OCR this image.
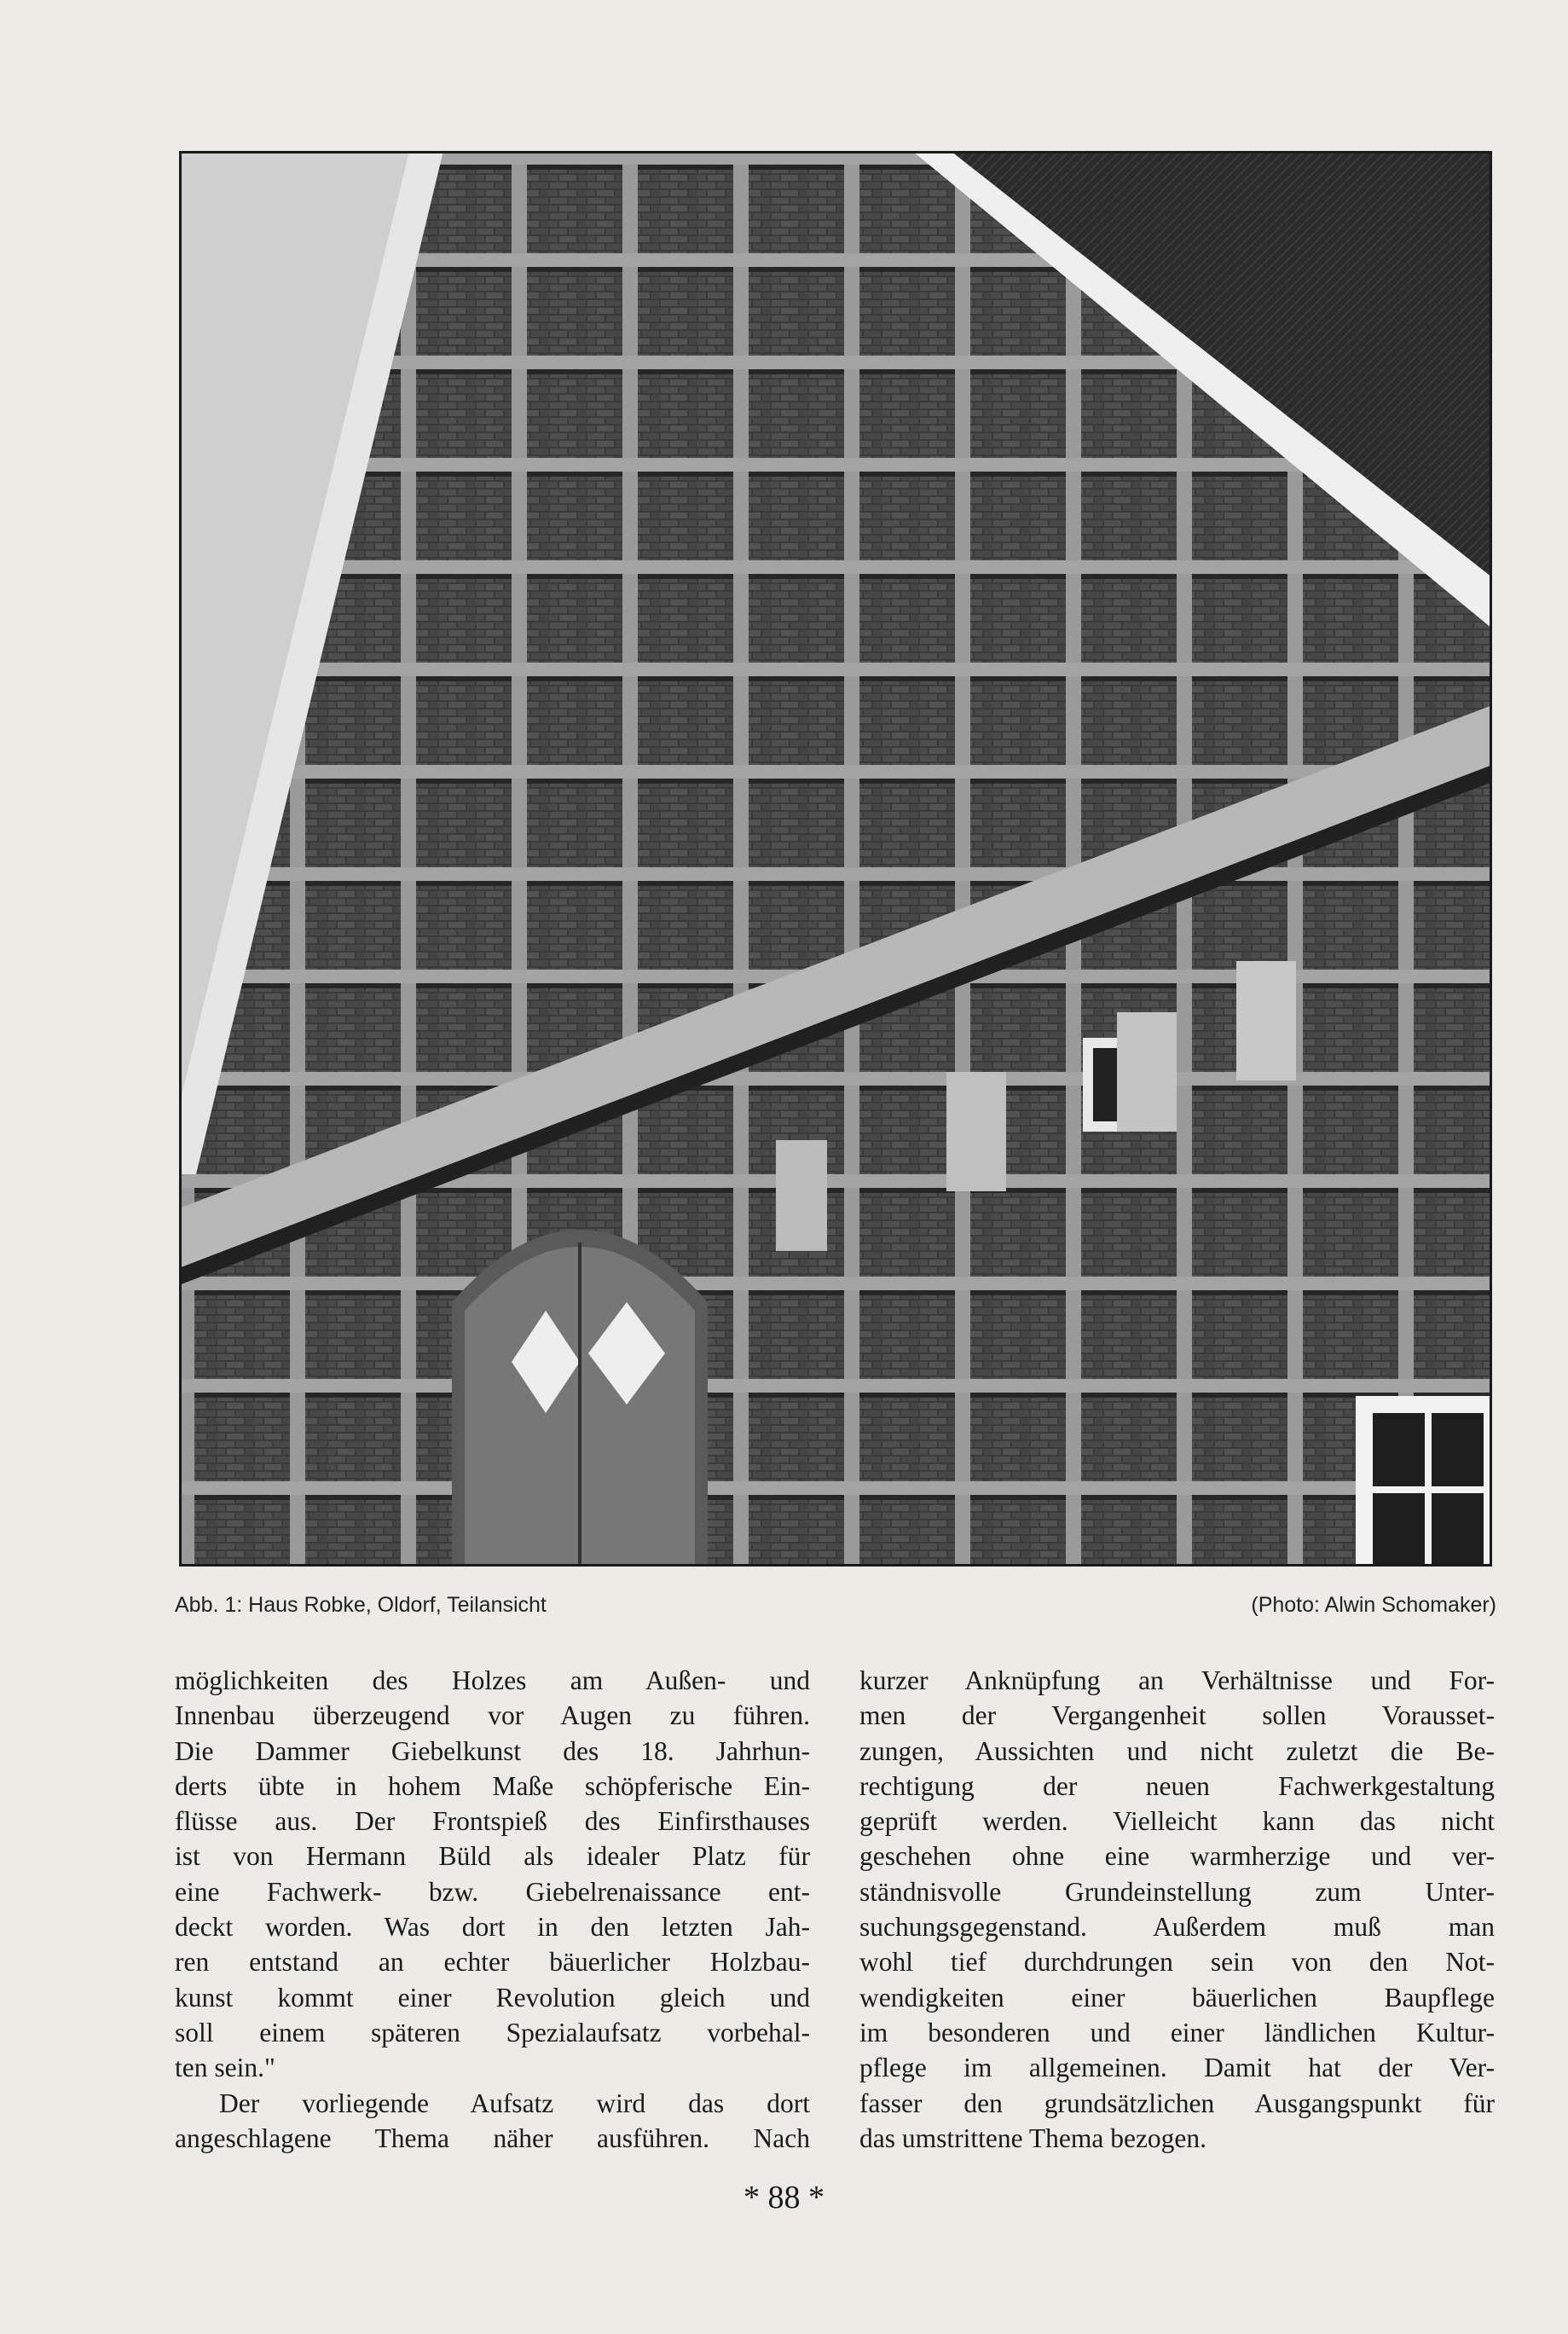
Abb. 1: Haus Robke, Oldorf, Teilansicht	(Photo: Alwin Schomaker)
möglichkeiten des Holzes am Außen- und
Innenbau überzeugend vor Augen zu führen.
Die Dammer Giebelkunst des 18. Jahrhun-
derts übte in hohem Maße schöpferische Ein-
flüsse aus. Der Frontspieß des Einfirsthauses
ist von Hermann Büld als idealer Platz für
eine Fachwerk- bzw. Giebelrenaissance ent-
deckt worden. Was dort in den letzten Jah-
ren entstand an echter bäuerlicher Holzbau-
kunst kommt einer Revolution gleich und
soll einem späteren Spezialaufsatz vorbehal-
ten sein."
Der vorliegende Aufsatz wird das dort
angeschlagene Thema näher ausführen. Nach
kurzer Anknüpfung an Verhältnisse und For-
men der Vergangenheit sollen Vorausset-
zungen, Aussichten und nicht zuletzt die Be-
rechtigung der neuen Fachwerkgestaltung
geprüft werden. Vielleicht kann das nicht
geschehen ohne eine warmherzige und ver-
ständnisvolle Grundeinstellung zum Unter-
suchungsgegenstand. Außerdem muß man
wohl tief durchdrungen sein von den Not-
wendigkeiten einer bäuerlichen Baupflege
im besonderen und einer ländlichen Kultur-
pflege im allgemeinen. Damit hat der Ver-
fasser den grundsätzlichen Ausgangspunkt für
das umstrittene Thema bezogen.
* 88 *
